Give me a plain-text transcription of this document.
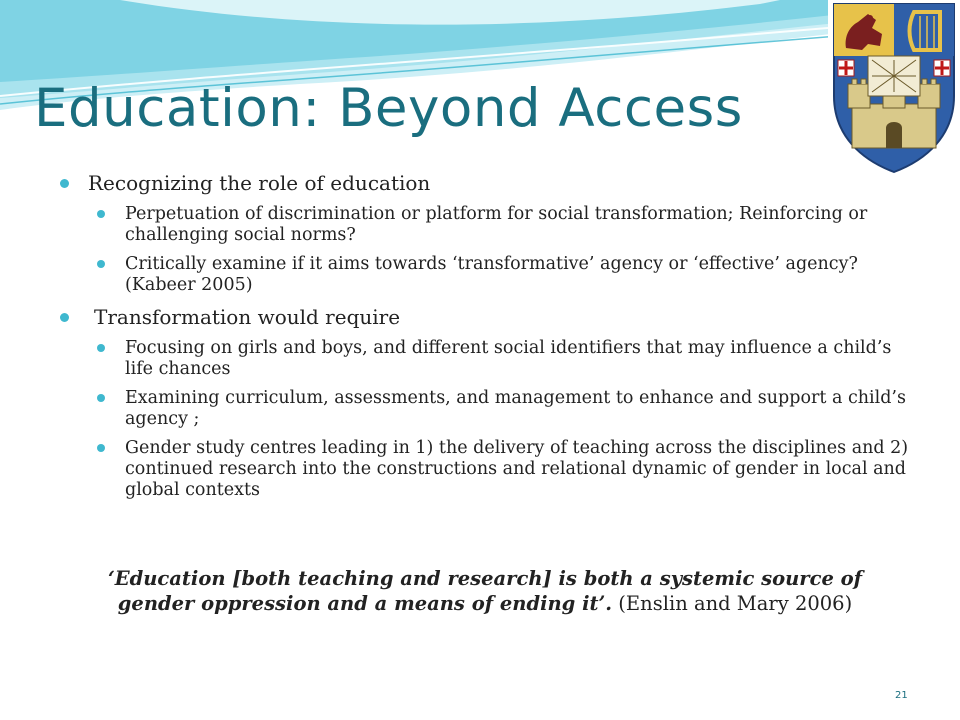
Education: Beyond Access
Recognizing the role of education
Perpetuation of discrimination or platform for social transformation; Reinforcing or challenging social norms?
Critically examine if it aims towards ‘transformative’ agency or ‘effective’ agency? (Kabeer 2005)
Transformation would require
Focusing on girls and boys, and different social identifiers that may influence a child’s life chances
Examining curriculum, assessments, and management to enhance and support a child’s agency ;
Gender study centres leading in 1) the delivery of teaching across the disciplines and 2) continued research into the constructions and relational dynamic of gender in local and global contexts
‘Education [both teaching and research] is both a systemic source of gender oppression and a means of ending it’. (Enslin and Mary 2006)
21
